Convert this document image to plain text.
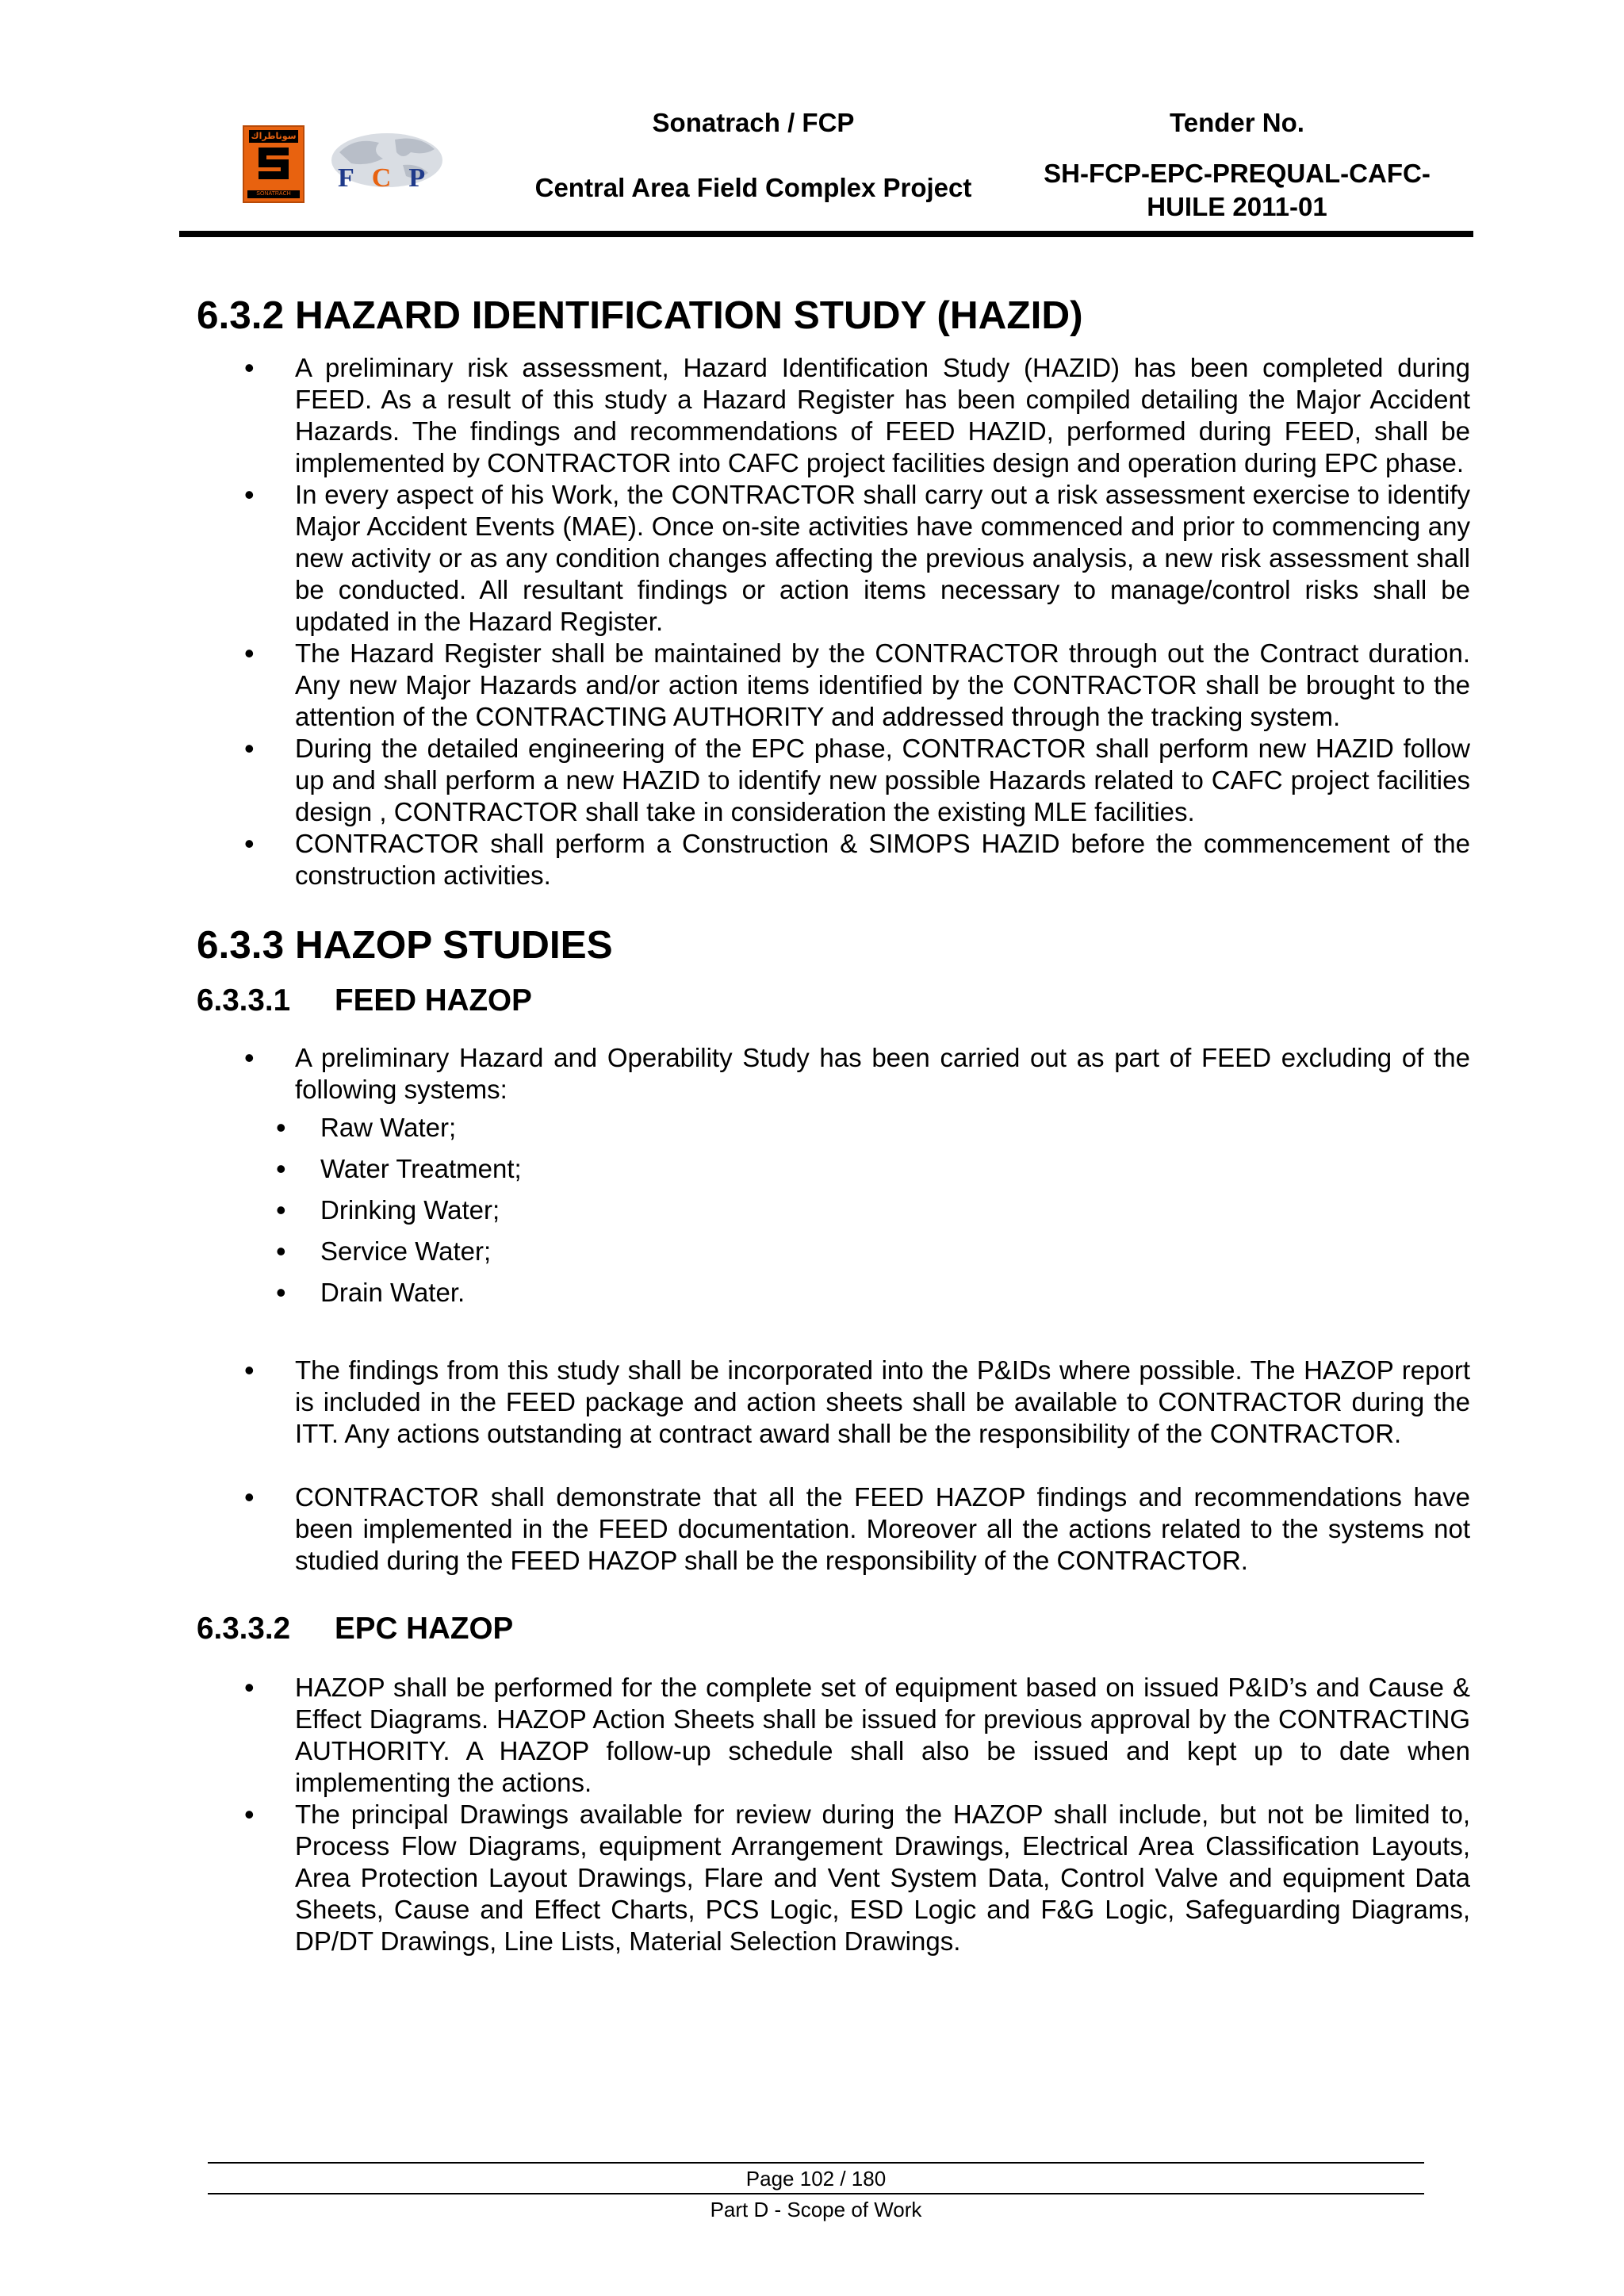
سوناطراك
SONATRACH
FCP
Sonatrach / FCP
Central Area Field Complex Project
Tender No.
SH-FCP-EPC-PREQUAL-CAFC-
HUILE 2011-01
6.3.2 HAZARD IDENTIFICATION STUDY (HAZID)
• A preliminary risk assessment, Hazard Identification Study (HAZID) has been completed during FEED. As a result of this study a Hazard Register has been compiled detailing the Major Accident Hazards. The findings and recommendations of FEED HAZID, performed during FEED, shall be implemented by CONTRACTOR into CAFC project facilities design and operation during EPC phase.
• In every aspect of his Work, the CONTRACTOR shall carry out a risk assessment exercise to identify Major Accident Events (MAE). Once on-site activities have commenced and prior to commencing any new activity or as any condition changes affecting the previous analysis, a new risk assessment shall be conducted. All resultant findings or action items necessary to manage/control risks shall be updated in the Hazard Register.
• The Hazard Register shall be maintained by the CONTRACTOR through out the Contract duration. Any new Major Hazards and/or action items identified by the CONTRACTOR shall be brought to the attention of the CONTRACTING AUTHORITY and addressed through the tracking system.
• During the detailed engineering of the EPC phase, CONTRACTOR shall perform new HAZID follow up and shall perform a new HAZID to identify new possible Hazards related to CAFC project facilities design , CONTRACTOR shall take in consideration the existing MLE facilities.
• CONTRACTOR shall perform a Construction & SIMOPS HAZID before the commencement of the construction activities.
6.3.3 HAZOP STUDIES
6.3.3.1	FEED HAZOP
• A preliminary Hazard and Operability Study has been carried out as part of FEED excluding of the following systems:
• Raw Water;
• Water Treatment;
• Drinking Water;
• Service Water;
• Drain Water.
• The findings from this study shall be incorporated into the P&IDs where possible. The HAZOP report is included in the FEED package and action sheets shall be available to CONTRACTOR during the ITT. Any actions outstanding at contract award shall be the responsibility of the CONTRACTOR.
• CONTRACTOR shall demonstrate that all the FEED HAZOP findings and recommendations have been implemented in the FEED documentation. Moreover all the actions related to the systems not studied during the FEED HAZOP shall be the responsibility of the CONTRACTOR.
6.3.3.2	EPC HAZOP
• HAZOP shall be performed for the complete set of equipment based on issued P&ID’s and Cause & Effect Diagrams. HAZOP Action Sheets shall be issued for previous approval by the CONTRACTING AUTHORITY. A HAZOP follow-up schedule shall also be issued and kept up to date when implementing the actions.
• The principal Drawings available for review during the HAZOP shall include, but not be limited to, Process Flow Diagrams, equipment Arrangement Drawings, Electrical Area Classification Layouts, Area Protection Layout Drawings, Flare and Vent System Data, Control Valve and equipment Data Sheets, Cause and Effect Charts, PCS Logic, ESD Logic and F&G Logic, Safeguarding Diagrams, DP/DT Drawings, Line Lists, Material Selection Drawings.
Page 102 / 180
Part D - Scope of Work
